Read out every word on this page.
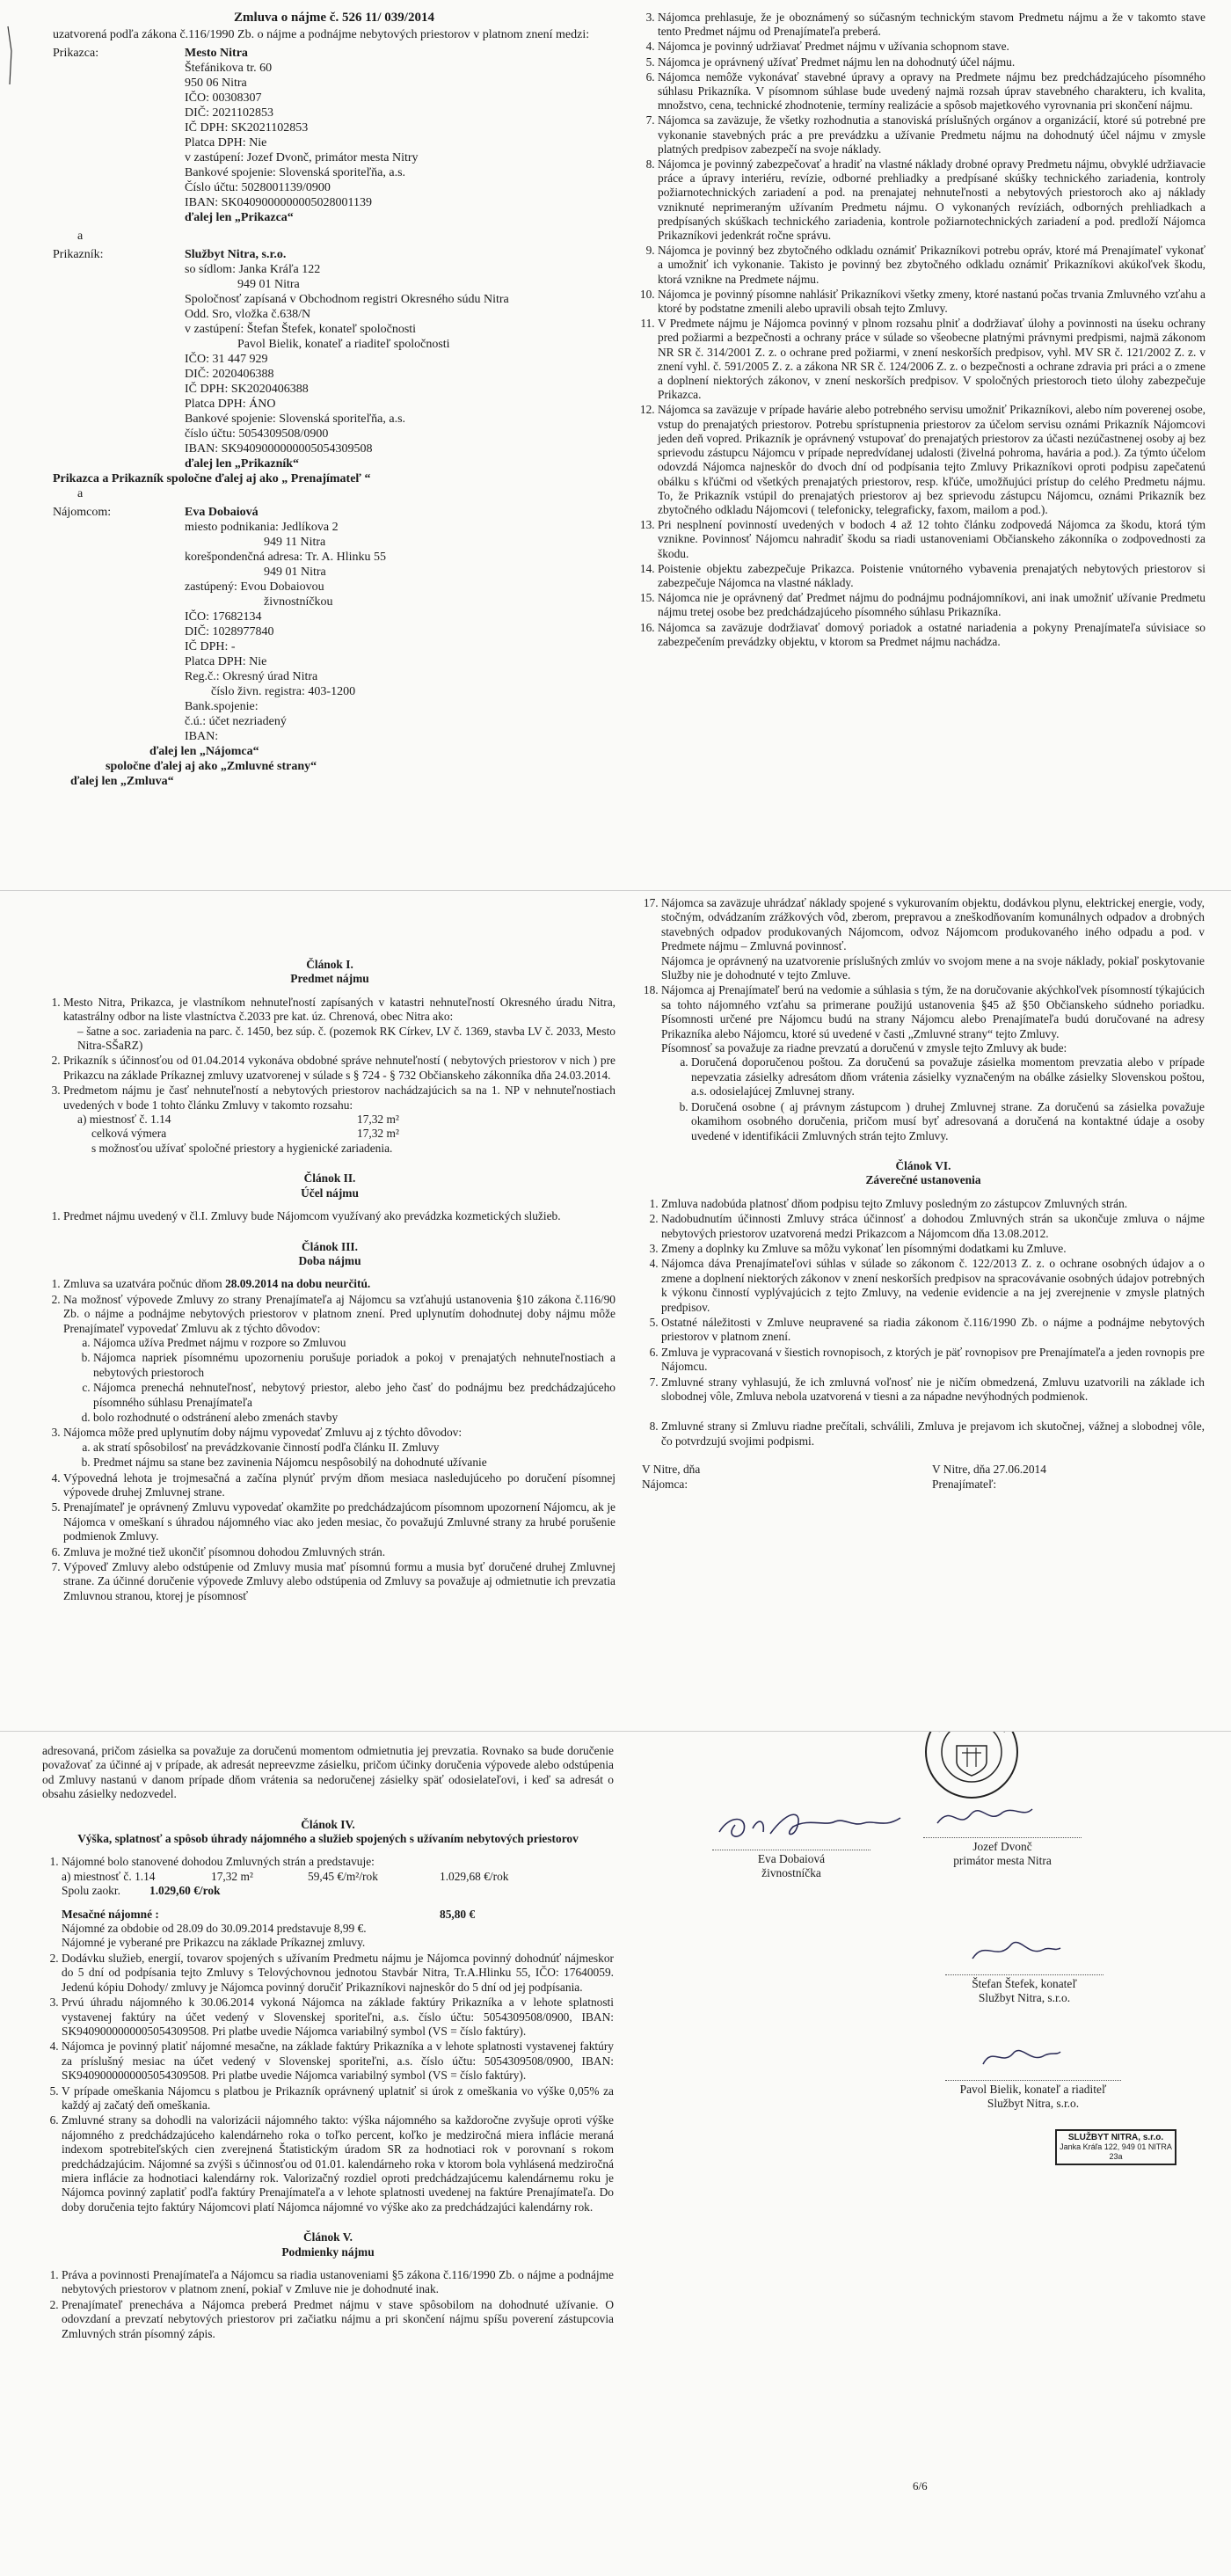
Zmluva o nájme č. 526 11/ 039/2014
uzatvorená podľa zákona č.116/1990 Zb. o nájme a podnájme nebytových priestorov v platnom znení medzi:
Prikazca:	Mesto Nitra
Štefánikova tr. 60
950 06 Nitra
IČO: 00308307
DIČ: 2021102853
IČ DPH: SK2021102853
Platca DPH: Nie
v zastúpení: Jozef Dvonč, primátor mesta Nitry
Bankové spojenie: Slovenská sporiteľňa, a.s.
Číslo účtu: 5028001139/0900
IBAN: SK0409000000005028001139
ďalej len „Prikazca“
a
Prikazník:	Službyt Nitra, s.r.o.
so sídlom: Janka Kráľa 122
949 01 Nitra
Spoločnosť zapísaná v Obchodnom registri Okresného súdu Nitra
Odd. Sro, vložka č.638/N
v zastúpení: Štefan Štefek, konateľ spoločnosti
Pavol Bielik, konateľ a riaditeľ spoločnosti
IČO: 31 447 929
DIČ: 2020406388
IČ DPH: SK2020406388
Platca DPH: ÁNO
Bankové spojenie: Slovenská sporiteľňa, a.s.
číslo účtu: 5054309508/0900
IBAN: SK9409000000005054309508
ďalej len „Prikazník“
Prikazca a Prikazník spoločne ďalej aj ako „ Prenajímateľ “
a
Nájomcom:	Eva Dobaiová
miesto podnikania: Jedlíkova 2
949 11 Nitra
korešpondenčná adresa: Tr. A. Hlinku 55
949 01 Nitra
zastúpený: Evou Dobaiovou
živnostníčkou
IČO: 17682134
DIČ: 1028977840
IČ DPH: -
Platca DPH: Nie
Reg.č.: Okresný úrad Nitra
číslo živn. registra: 403-1200
Bank.spojenie:
č.ú.: účet nezriadený
IBAN:
ďalej len „Nájomca“
spoločne ďalej aj ako „Zmluvné strany“
ďalej len „Zmluva“
3. Nájomca prehlasuje, že je oboznámený so súčasným technickým stavom Predmetu nájmu a že v takomto stave tento Predmet nájmu od Prenajímateľa preberá.
4. Nájomca je povinný udržiavať Predmet nájmu v užívania schopnom stave.
5. Nájomca je oprávnený užívať Predmet nájmu len na dohodnutý účel nájmu.
6. Nájomca nemôže vykonávať stavebné úpravy a opravy na Predmete nájmu bez predchádzajúceho písomného súhlasu Prikazníka. V písomnom súhlase bude uvedený najmä rozsah úprav stavebného charakteru, ich kvalita, množstvo, cena, technické zhodnotenie, termíny realizácie a spôsob majetkového vyrovnania pri skončení nájmu.
7. Nájomca sa zaväzuje, že všetky rozhodnutia a stanoviská príslušných orgánov a organizácií, ktoré sú potrebné pre vykonanie stavebných prác a pre prevádzku a užívanie Predmetu nájmu na dohodnutý účel nájmu v zmysle platných predpisov zabezpečí na svoje náklady.
8. Nájomca je povinný zabezpečovať a hradiť na vlastné náklady drobné opravy Predmetu nájmu, obvyklé udržiavacie práce a úpravy interiéru, revízie, odborné prehliadky a predpísané skúšky technického zariadenia, kontroly požiarnotechnických zariadení a pod. na prenajatej nehnuteľnosti a nebytových priestoroch ako aj náklady vzniknuté neprimeraným užívaním Predmetu nájmu. O vykonaných revíziách, odborných prehliadkach a predpísaných skúškach technického zariadenia, kontrole požiarnotechnických zariadení a pod. predloží Nájomca Prikazníkovi jedenkrát ročne správu.
9. Nájomca je povinný bez zbytočného odkladu oznámiť Prikazníkovi potrebu opráv, ktoré má Prenajímateľ vykonať a umožniť ich vykonanie. Takisto je povinný bez zbytočného odkladu oznámiť Prikazníkovi akúkoľvek škodu, ktorá vznikne na Predmete nájmu.
10. Nájomca je povinný písomne nahlásiť Prikazníkovi všetky zmeny, ktoré nastanú počas trvania Zmluvného vzťahu a ktoré by podstatne zmenili alebo upravili obsah tejto Zmluvy.
11. V Predmete nájmu je Nájomca povinný v plnom rozsahu plniť a dodržiavať úlohy a povinnosti na úseku ochrany pred požiarmi a bezpečnosti a ochrany práce v súlade so všeobecne platnými právnymi predpismi, najmä zákonom NR SR č. 314/2001 Z. z. o ochrane pred požiarmi, v znení neskorších predpisov, vyhl. MV SR č. 121/2002 Z. z. v znení vyhl. č. 591/2005 Z. z. a zákona NR SR č. 124/2006 Z. z. o bezpečnosti a ochrane zdravia pri práci a o zmene a doplnení niektorých zákonov, v znení neskorších predpisov. V spoločných priestoroch tieto úlohy zabezpečuje Prikazca.
12. Nájomca sa zaväzuje v prípade havárie alebo potrebného servisu umožniť Prikazníkovi, alebo ním poverenej osobe, vstup do prenajatých priestorov. Potrebu sprístupnenia priestorov za účelom servisu oznámi Prikazník Nájomcovi jeden deň vopred. Prikazník je oprávnený vstupovať do prenajatých priestorov za účasti nezúčastnenej osoby aj bez sprievodu zástupcu Nájomcu v prípade nepredvídanej udalosti (živelná pohroma, havária a pod.). Za týmto účelom odovzdá Nájomca najneskôr do dvoch dní od podpísania tejto Zmluvy Prikazníkovi oproti podpisu zapečatenú obálku s kľúčmi od všetkých prenajatých priestorov, resp. kľúče, umožňujúci prístup do celého Predmetu nájmu. To, že Prikazník vstúpil do prenajatých priestorov aj bez sprievodu zástupcu Nájomcu, oznámi Prikazník bez zbytočného odkladu Nájomcovi ( telefonicky, telegraficky, faxom, mailom a pod.).
13. Pri nesplnení povinností uvedených v bodoch 4 až 12 tohto článku zodpovedá Nájomca za škodu, ktorá tým vznikne. Povinnosť Nájomcu nahradiť škodu sa riadi ustanoveniami Občianskeho zákonníka o zodpovednosti za škodu.
14. Poistenie objektu zabezpečuje Prikazca. Poistenie vnútorného vybavenia prenajatých nebytových priestorov si zabezpečuje Nájomca na vlastné náklady.
15. Nájomca nie je oprávnený dať Predmet nájmu do podnájmu podnájomníkovi, ani inak umožniť užívanie Predmetu nájmu tretej osobe bez predchádzajúceho písomného súhlasu Prikazníka.
16. Nájomca sa zaväzuje dodržiavať domový poriadok a ostatné nariadenia a pokyny Prenajímateľa súvisiace so zabezpečením prevádzky objektu, v ktorom sa Predmet nájmu nachádza.
Článok I.
Predmet nájmu
1. Mesto Nitra, Prikazca, je vlastníkom nehnuteľností zapísaných v katastri nehnuteľností Okresného úradu Nitra, katastrálny odbor na liste vlastníctva č.2033 pre kat. úz. Chrenová, obec Nitra ako:
– šatne a soc. zariadenia na parc. č. 1450, bez súp. č. (pozemok RK Církev, LV č. 1369, stavba LV č. 2033, Mesto Nitra-SŠaRZ)
2. Prikazník s účinnosťou od 01.04.2014 vykonáva obdobné správe nehnuteľností ( nebytových priestorov v nich ) pre Prikazcu na základe Príkaznej zmluvy uzatvorenej v súlade s § 724 - § 732 Občianskeho zákonníka dňa 24.03.2014.
3. Predmetom nájmu je časť nehnuteľností a nebytových priestorov nachádzajúcich sa na 1. NP v nehnuteľnostiach uvedených v bode 1 tohto článku Zmluvy v takomto rozsahu:
a) miestnosť č. 1.14	17,32 m²
celková výmera	17,32 m²
s možnosťou užívať spoločné priestory a hygienické zariadenia.
Článok II.
Účel nájmu
1. Predmet nájmu uvedený v čl.I. Zmluvy bude Nájomcom využívaný ako prevádzka kozmetických služieb.
Článok III.
Doba nájmu
1. Zmluva sa uzatvára počnúc dňom 28.09.2014 na dobu neurčitú.
2. Na možnosť výpovede Zmluvy zo strany Prenajímateľa aj Nájomcu sa vzťahujú ustanovenia §10 zákona č.116/90 Zb. o nájme a podnájme nebytových priestorov v platnom znení. Pred uplynutím dohodnutej doby nájmu môže Prenajímateľ vypovedať Zmluvu ak z týchto dôvodov:
a. Nájomca užíva Predmet nájmu v rozpore so Zmluvou
b. Nájomca napriek písomnému upozorneniu porušuje poriadok a pokoj v prenajatých nehnuteľnostiach a nebytových priestoroch
c. Nájomca prenechá nehnuteľnosť, nebytový priestor, alebo jeho časť do podnájmu bez predchádzajúceho písomného súhlasu Prenajímateľa
d. bolo rozhodnuté o odstránení alebo zmenách stavby
3. Nájomca môže pred uplynutím doby nájmu vypovedať Zmluvu aj z týchto dôvodov:
a. ak stratí spôsobilosť na prevádzkovanie činností podľa článku II. Zmluvy
b. Predmet nájmu sa stane bez zavinenia Nájomcu nespôsobilý na dohodnuté užívanie
4. Výpovedná lehota je trojmesačná a začína plynúť prvým dňom mesiaca nasledujúceho po doručení písomnej výpovede druhej Zmluvnej strane.
5. Prenajímateľ je oprávnený Zmluvu vypovedať okamžite po predchádzajúcom písomnom upozornení Nájomcu, ak je Nájomca v omeškaní s úhradou nájomného viac ako jeden mesiac, čo považujú Zmluvné strany za hrubé porušenie podmienok Zmluvy.
6. Zmluva je možné tiež ukončiť písomnou dohodou Zmluvných strán.
7. Výpoveď Zmluvy alebo odstúpenie od Zmluvy musia mať písomnú formu a musia byť doručené druhej Zmluvnej strane. Za účinné doručenie výpovede Zmluvy alebo odstúpenia od Zmluvy sa považuje aj odmietnutie ich prevzatia Zmluvnou stranou, ktorej je písomnosť
17. Nájomca sa zaväzuje uhrádzať náklady spojené s vykurovaním objektu, dodávkou plynu, elektrickej energie, vody, stočným, odvádzaním zrážkových vôd, zberom, prepravou a zneškodňovaním komunálnych odpadov a drobných stavebných odpadov produkovaných Nájomcom, odvoz Nájomcom produkovaného iného odpadu a pod. v Predmete nájmu – Zmluvná povinnosť.
Nájomca je oprávnený na uzatvorenie príslušných zmlúv vo svojom mene a na svoje náklady, pokiaľ poskytovanie Služby nie je dohodnuté v tejto Zmluve.
18. Nájomca aj Prenajímateľ berú na vedomie a súhlasia s tým, že na doručovanie akýchkoľvek písomností týkajúcich sa tohto nájomného vzťahu sa primerane použijú ustanovenia §45 až §50 Občianskeho súdneho poriadku. Písomnosti určené pre Nájomcu budú na strany Nájomcu alebo Prenajímateľa budú doručované na adresy Prikazníka alebo Nájomcu, ktoré sú uvedené v časti „Zmluvné strany“ tejto Zmluvy.
Písomnosť sa považuje za riadne prevzatú a doručenú v zmysle tejto Zmluvy ak bude:
a. Doručená doporučenou poštou. Za doručenú sa považuje zásielka momentom prevzatia alebo v prípade nepevzatia zásielky adresátom dňom vrátenia zásielky vyznačeným na obálke zásielky Slovenskou poštou, a.s. odosielajúcej Zmluvnej strany.
b. Doručená osobne ( aj právnym zástupcom ) druhej Zmluvnej strane. Za doručenú sa zásielka považuje okamihom osobného doručenia, pričom musí byť adresovaná a doručená na kontaktné údaje a osoby uvedené v identifikácii Zmluvných strán tejto Zmluvy.
Článok VI.
Záverečné ustanovenia
1. Zmluva nadobúda platnosť dňom podpisu tejto Zmluvy posledným zo zástupcov Zmluvných strán.
2. Nadobudnutím účinnosti Zmluvy stráca účinnosť a dohodou Zmluvných strán sa ukončuje zmluva o nájme nebytových priestorov uzatvorená medzi Prikazcom a Nájomcom dňa 13.08.2012.
3. Zmeny a doplnky ku Zmluve sa môžu vykonať len písomnými dodatkami ku Zmluve.
4. Nájomca dáva Prenajímateľovi súhlas v súlade so zákonom č. 122/2013 Z. z. o ochrane osobných údajov a o zmene a doplnení niektorých zákonov v znení neskorších predpisov na spracovávanie osobných údajov potrebných k výkonu činností vyplývajúcich z tejto Zmluvy, na vedenie evidencie a na jej zverejnenie v zmysle platných predpisov.
5. Ostatné náležitosti v Zmluve neupravené sa riadia zákonom č.116/1990 Zb. o nájme a podnájme nebytových priestorov v platnom znení.
6. Zmluva je vypracovaná v šiestich rovnopisoch, z ktorých je päť rovnopisov pre Prenajímateľa a jeden rovnopis pre Nájomcu.
7. Zmluvné strany vyhlasujú, že ich zmluvná voľnosť nie je ničím obmedzená, Zmluvu uzatvorili na základe ich slobodnej vôle, Zmluva nebola uzatvorená v tiesni a za nápadne nevýhodných podmienok.
8. Zmluvné strany si Zmluvu riadne prečítali, schválili, Zmluva je prejavom ich skutočnej, vážnej a slobodnej vôle, čo potvrdzujú svojimi podpismi.
V Nitre, dňa
Nájomca:
V Nitre, dňa 27.06.2014
Prenajímateľ:
adresovaná, pričom zásielka sa považuje za doručenú momentom odmietnutia jej prevzatia. Rovnako sa bude doručenie považovať za účinné aj v prípade, ak adresát nepreevzme zásielku, pričom účinky doručenia výpovede alebo odstúpenia od Zmluvy nastanú v danom prípade dňom vrátenia sa nedoručenej zásielky späť odosielateľovi, i keď sa adresát o obsahu zásielky nedozvedel.
Článok IV.
Výška, splatnosť a spôsob úhrady nájomného a služieb spojených s užívaním nebytových priestorov
1. Nájomné bolo stanovené dohodou Zmluvných strán a predstavuje:
a) miestnosť č. 1.14	17,32 m²	59,45 €/m²/rok	1.029,68 €/rok
Spolu zaokr.	1.029,60 €/rok
Mesačné nájomné :	85,80 €
Nájomné za obdobie od 28.09 do 30.09.2014 predstavuje 8,99 €.
Nájomné je vyberané pre Prikazcu na základe Príkaznej zmluvy.
2. Dodávku služieb, energií, tovarov spojených s užívaním Predmetu nájmu je Nájomca povinný dohodnúť nájmeskor do 5 dní od podpísania tejto Zmluvy s Telovýchovnou jednotou Stavbár Nitra, Tr.A.Hlinku 55, IČO: 17640059. Jedenú kópiu Dohody/ zmluvy je Nájomca povinný doručiť Prikazníkovi najneskôr do 5 dní od jej podpísania.
3. Prvú úhradu nájomného k 30.06.2014 vykoná Nájomca na základe faktúry Prikazníka a v lehote splatnosti vystavenej faktúry na účet vedený v Slovenskej sporiteľni, a.s. číslo účtu: 5054309508/0900, IBAN: SK9409000000005054309508. Pri platbe uvedie Nájomca variabilný symbol (VS = číslo faktúry).
4. Nájomca je povinný platiť nájomné mesačne, na základe faktúry Prikazníka a v lehote splatnosti vystavenej faktúry za príslušný mesiac na účet vedený v Slovenskej sporiteľni, a.s. číslo účtu: 5054309508/0900, IBAN: SK9409000000005054309508. Pri platbe uvedie Nájomca variabilný symbol (VS = číslo faktúry).
5. V prípade omeškania Nájomcu s platbou je Prikazník oprávnený uplatniť si úrok z omeškania vo výške 0,05% za každý aj začatý deň omeškania.
6. Zmluvné strany sa dohodli na valorizácii nájomného takto: výška nájomného sa každoročne zvyšuje oproti výške nájomného z predchádzajúceho kalendárneho roka o toľko percent, koľko je medziročná miera inflácie meraná indexom spotrebiteľských cien zverejnená Štatistickým úradom SR za hodnotiaci rok v porovnaní s rokom predchádzajúcim. Nájomné sa zvýši s účinnosťou od 01.01. kalendárneho roka v ktorom bola vyhlásená medziročná miera inflácie za hodnotiaci kalendárny rok. Valorizačný rozdiel oproti predchádzajúcemu kalendárnemu roku je Nájomca povinný zaplatiť podľa faktúry Prenajímateľa a v lehote splatnosti uvedenej na faktúre Prenajímateľa. Do doby doručenia tejto faktúry Nájomcovi platí Nájomca nájomné vo výške ako za predchádzajúci kalendárny rok.
Článok V.
Podmienky nájmu
1. Práva a povinnosti Prenajímateľa a Nájomcu sa riadia ustanoveniami §5 zákona č.116/1990 Zb. o nájme a podnájme nebytových priestorov v platnom znení, pokiaľ v Zmluve nie je dohodnuté inak.
2. Prenajímateľ prenecháva a Nájomca preberá Predmet nájmu v stave spôsobilom na dohodnuté užívanie. O odovzdaní a prevzatí nebytových priestorov pri začiatku nájmu a pri skončení nájmu spíšu poverení zástupcovia Zmluvných strán písomný zápis.
Eva Dobaiová
živnostníčka
Jozef Dvonč
primátor mesta Nitra
Štefan Štefek, konateľ
Službyt Nitra, s.r.o.
Pavol Bielik, konateľ a riaditeľ
Službyt Nitra, s.r.o.
SLUŽBYT NITRA, s.r.o.
Janka Kráľa 122, 949 01 NITRA
23a
6/6
